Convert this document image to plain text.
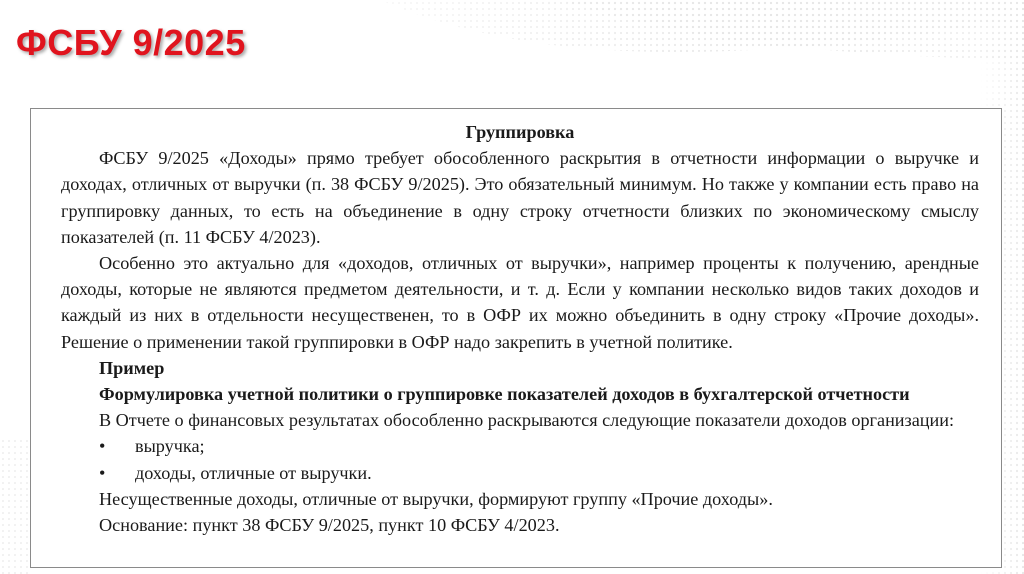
ФСБУ 9/2025

Группировка

ФСБУ 9/2025 «Доходы» прямо требует обособленного раскрытия в отчетности информации о выручке и доходах, отличных от выручки (п. 38 ФСБУ 9/2025). Это обязательный минимум. Но также у компании есть право на группировку данных, то есть на объединение в одну строку отчетности близких по экономическому смыслу показателей (п. 11 ФСБУ 4/2023).

Особенно это актуально для «доходов, отличных от выручки», например проценты к получению, арендные доходы, которые не являются предметом деятельности, и т. д. Если у компании несколько видов таких доходов и каждый из них в отдельности несущественен, то в ОФР их можно объединить в одну строку «Прочие доходы». Решение о применении такой группировки в ОФР надо закрепить в учетной политике.

Пример

Формулировка учетной политики о группировке показателей доходов в бухгалтерской отчетности

В Отчете о финансовых результатах обособленно раскрываются следующие показатели доходов организации:

•	выручка;
•	доходы, отличные от выручки.

Несущественные доходы, отличные от выручки, формируют группу «Прочие доходы».

Основание: пункт 38 ФСБУ 9/2025, пункт 10 ФСБУ 4/2023.
